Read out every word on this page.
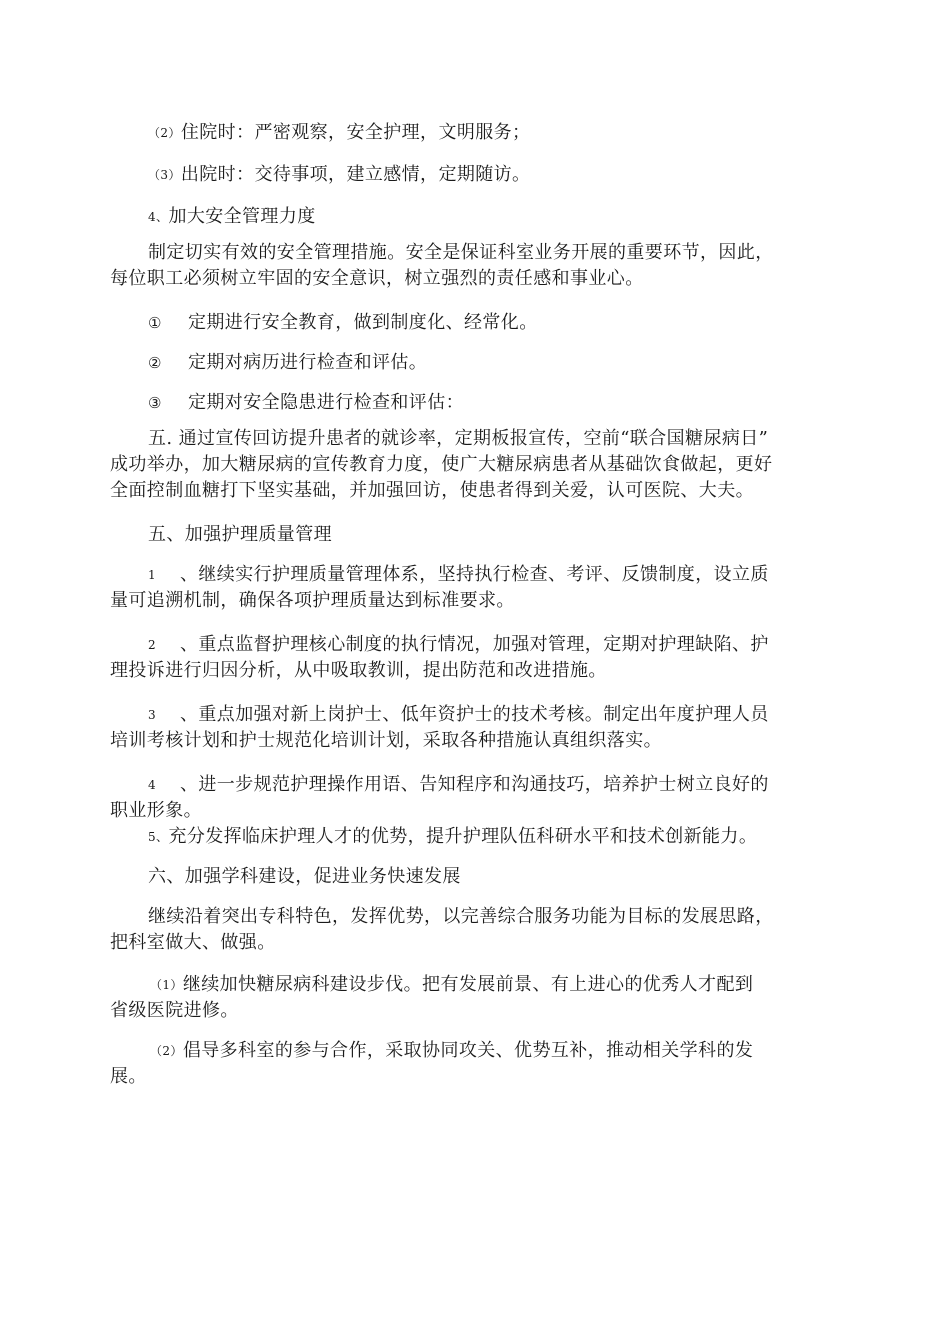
（2）住院时：严密观察，安全护理，文明服务；
（3）出院时：交待事项，建立感情，定期随访。
4、加大安全管理力度
制定切实有效的安全管理措施。安全是保证科室业务开展的重要环节，因此，
每位职工必须树立牢固的安全意识，树立强烈的责任感和事业心。
① 定期进行安全教育，做到制度化、经常化。
② 定期对病历进行检查和评估。
③ 定期对安全隐患进行检查和评估：
五. 通过宣传回访提升患者的就诊率，定期板报宣传，空前“联合国糖尿病日”
成功举办，加大糖尿病的宣传教育力度，使广大糖尿病患者从基础饮食做起，更好
全面控制血糖打下坚实基础，并加强回访，使患者得到关爱，认可医院、大夫。
五、加强护理质量管理
1 、继续实行护理质量管理体系，坚持执行检查、考评、反馈制度，设立质
量可追溯机制，确保各项护理质量达到标准要求。
2 、重点监督护理核心制度的执行情况，加强对管理，定期对护理缺陷、护
理投诉进行归因分析，从中吸取教训，提出防范和改进措施。
3 、重点加强对新上岗护士、低年资护士的技术考核。制定出年度护理人员
培训考核计划和护士规范化培训计划，采取各种措施认真组织落实。
4 、进一步规范护理操作用语、告知程序和沟通技巧，培养护士树立良好的
职业形象。
5、充分发挥临床护理人才的优势，提升护理队伍科研水平和技术创新能力。
六、加强学科建设，促进业务快速发展
继续沿着突出专科特色，发挥优势，以完善综合服务功能为目标的发展思路，
把科室做大、做强。
（1）继续加快糖尿病科建设步伐。把有发展前景、有上进心的优秀人才配到
省级医院进修。
（2）倡导多科室的参与合作，采取协同攻关、优势互补，推动相关学科的发
展。
